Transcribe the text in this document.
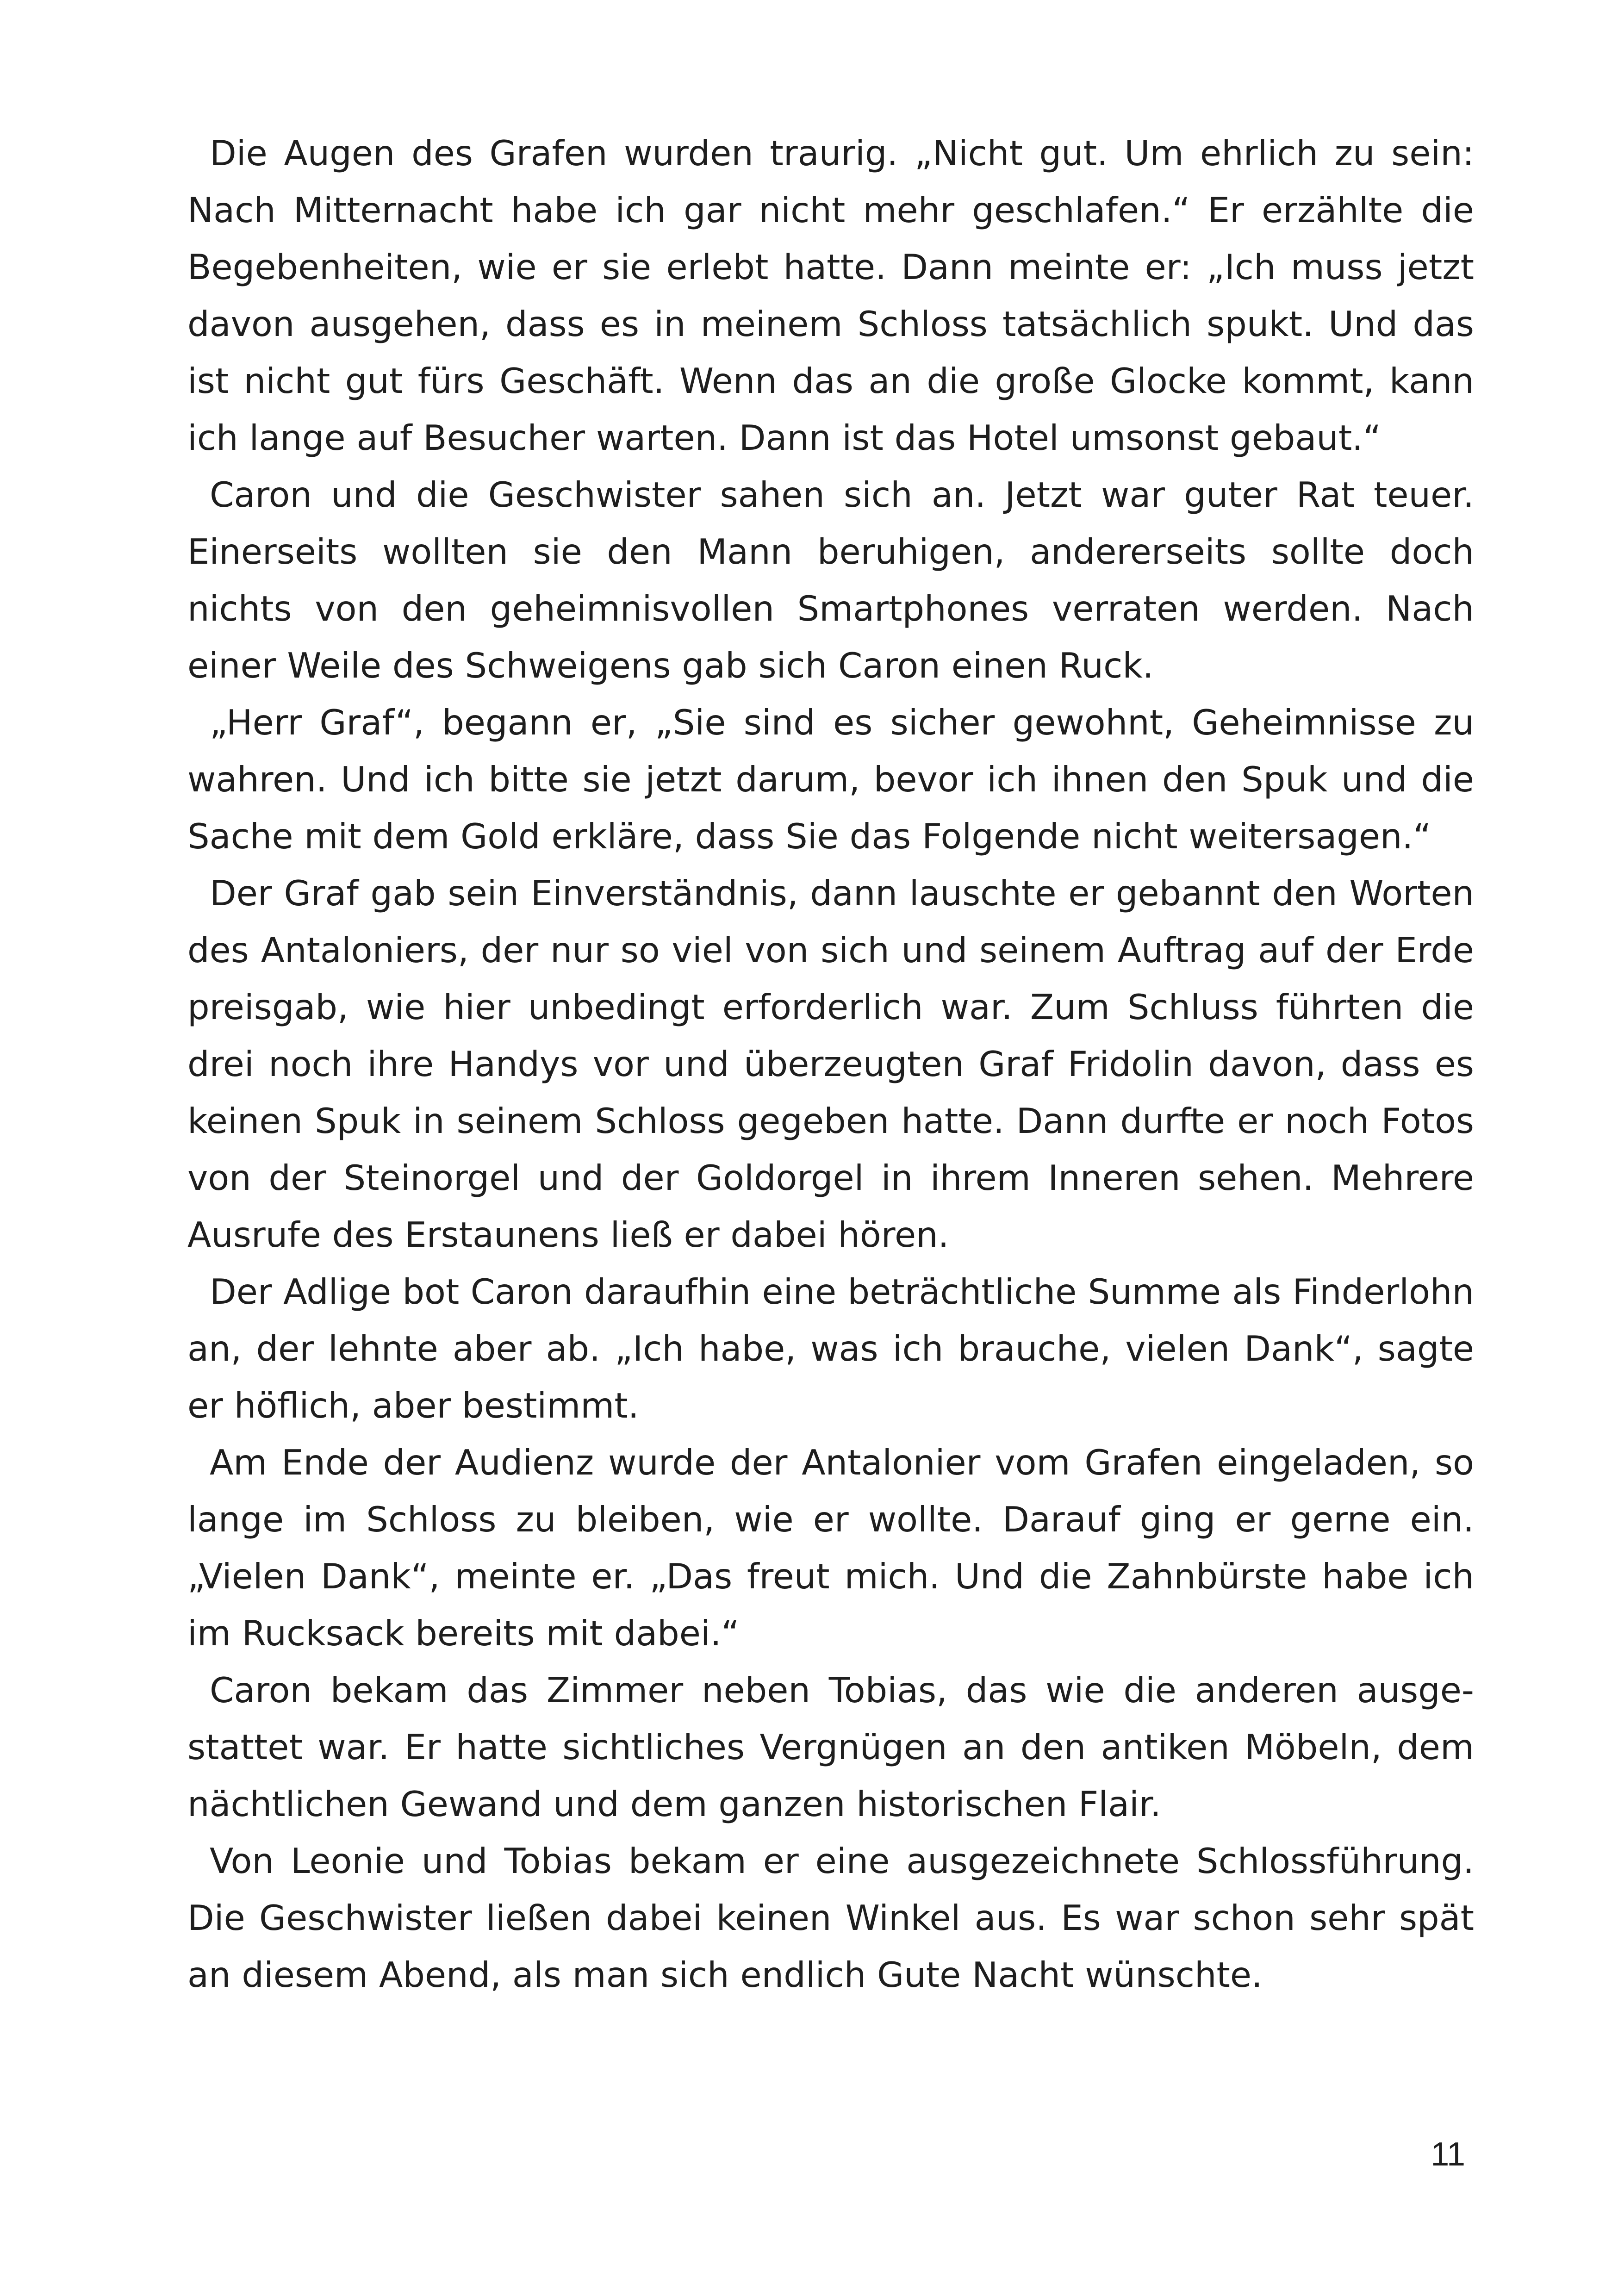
Die Augen des Grafen wurden traurig. „Nicht gut. Um ehrlich zu sein: Nach Mitternacht habe ich gar nicht mehr geschlafen.“ Er erzählte die Begebenheiten, wie er sie erlebt hatte. Dann meinte er: „Ich muss jetzt davon ausgehen, dass es in meinem Schloss tatsächlich spukt. Und das ist nicht gut fürs Geschäft. Wenn das an die große Glocke kommt, kann ich lange auf Besucher warten. Dann ist das Hotel umsonst gebaut.“

Caron und die Geschwister sahen sich an. Jetzt war guter Rat teuer. Einerseits wollten sie den Mann beruhigen, andererseits sollte doch nichts von den geheimnisvollen Smartphones verraten werden. Nach einer Weile des Schweigens gab sich Caron einen Ruck.

„Herr Graf“, begann er, „Sie sind es sicher gewohnt, Geheimnisse zu wahren. Und ich bitte sie jetzt darum, bevor ich ihnen den Spuk und die Sache mit dem Gold erkläre, dass Sie das Folgende nicht weitersagen.“

Der Graf gab sein Einverständnis, dann lauschte er gebannt den Worten des Antaloniers, der nur so viel von sich und seinem Auftrag auf der Erde preisgab, wie hier unbedingt erforderlich war. Zum Schluss führten die drei noch ihre Handys vor und überzeugten Graf Fridolin davon, dass es keinen Spuk in seinem Schloss gegeben hatte. Dann durfte er noch Fotos von der Steinorgel und der Goldorgel in ihrem Inneren sehen. Mehrere Ausrufe des Erstaunens ließ er dabei hören.

Der Adlige bot Caron daraufhin eine beträchtliche Summe als Finderlohn an, der lehnte aber ab. „Ich habe, was ich brauche, vielen Dank“, sagte er höflich, aber bestimmt.

Am Ende der Audienz wurde der Antalonier vom Grafen eingeladen, so lange im Schloss zu bleiben, wie er wollte. Darauf ging er gerne ein. „Vielen Dank“, meinte er. „Das freut mich. Und die Zahnbürste habe ich im Rucksack bereits mit dabei.“

Caron bekam das Zimmer neben Tobias, das wie die anderen ausgestattet war. Er hatte sichtliches Vergnügen an den antiken Möbeln, dem nächtlichen Gewand und dem ganzen historischen Flair.

Von Leonie und Tobias bekam er eine ausgezeichnete Schlossführung. Die Geschwister ließen dabei keinen Winkel aus. Es war schon sehr spät an diesem Abend, als man sich endlich Gute Nacht wünschte.

11
